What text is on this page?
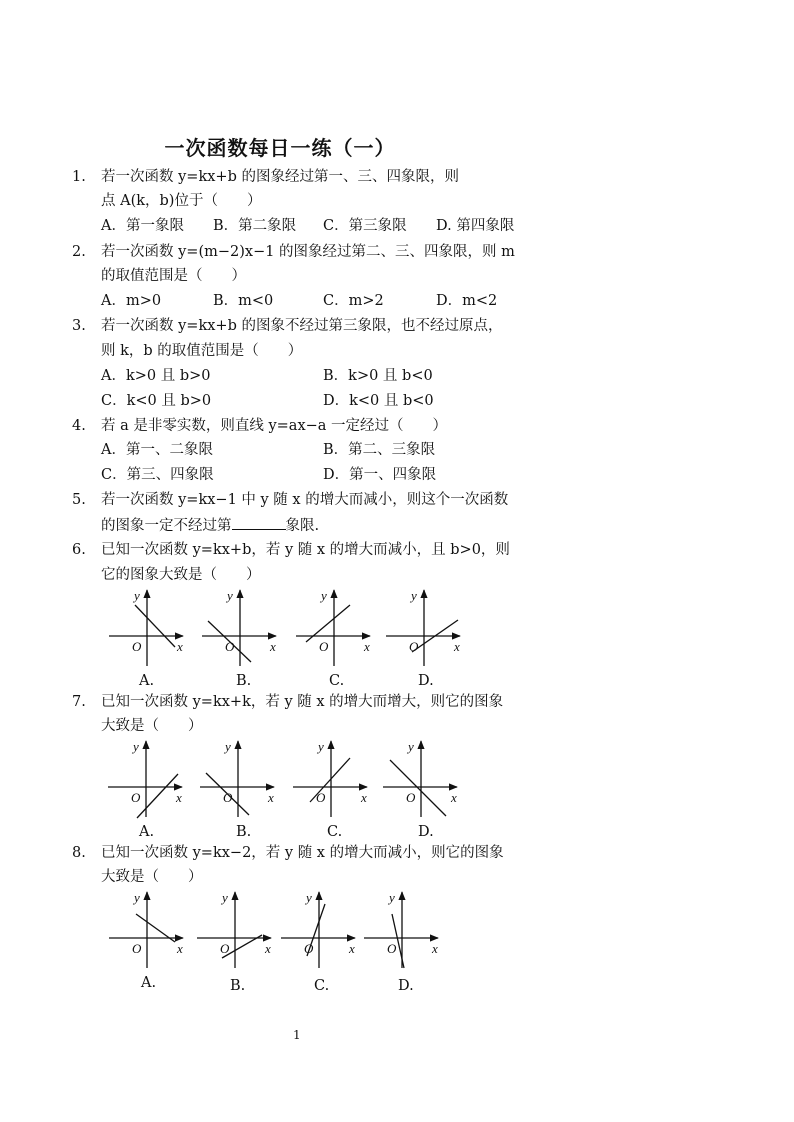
一次函数每日一练（一）
1. 若一次函数 y=kx+b 的图象经过第一、三、四象限，则
点 A(k，b)位于（　　）
A．第一象限 B．第二象限 C．第三象限 D. 第四象限
2. 若一次函数 y=(m−2)x−1 的图象经过第二、三、四象限，则 m
的取值范围是（　　）
A．m>0	B．m<0	C．m>2	D．m<2
3. 若一次函数 y=kx+b 的图象不经过第三象限，也不经过原点，
则 k，b 的取值范围是（　　）
A．k>0 且 b>0	B．k>0 且 b<0
C．k<0 且 b>0	D．k<0 且 b<0
4. 若 a 是非零实数，则直线 y=ax−a 一定经过（　　）
A．第一、二象限	B．第二、三象限
C．第三、四象限	D．第一、四象限
5. 若一次函数 y=kx−1 中 y 随 x 的增大而减小，则这个一次函数
的图象一定不经过第	象限.
6. 已知一次函数 y=kx+b，若 y 随 x 的增大而减小，且 b>0，则
它的图象大致是（　　）
A.	B.	C.	D.
7. 已知一次函数 y=kx+k，若 y 随 x 的增大而增大，则它的图象
大致是（　　）
A.	B.	C.	D.
8. 已知一次函数 y=kx−2，若 y 随 x 的增大而减小，则它的图象
大致是（　　）
A.	B.	C.	D.
x
y
O	x
y
O	x
y
O	x
y
O
x
y
O	x
y
O	x
y
O	x
y
O
x
y
O	x
y
O	x
y
O	x
y
O
1
